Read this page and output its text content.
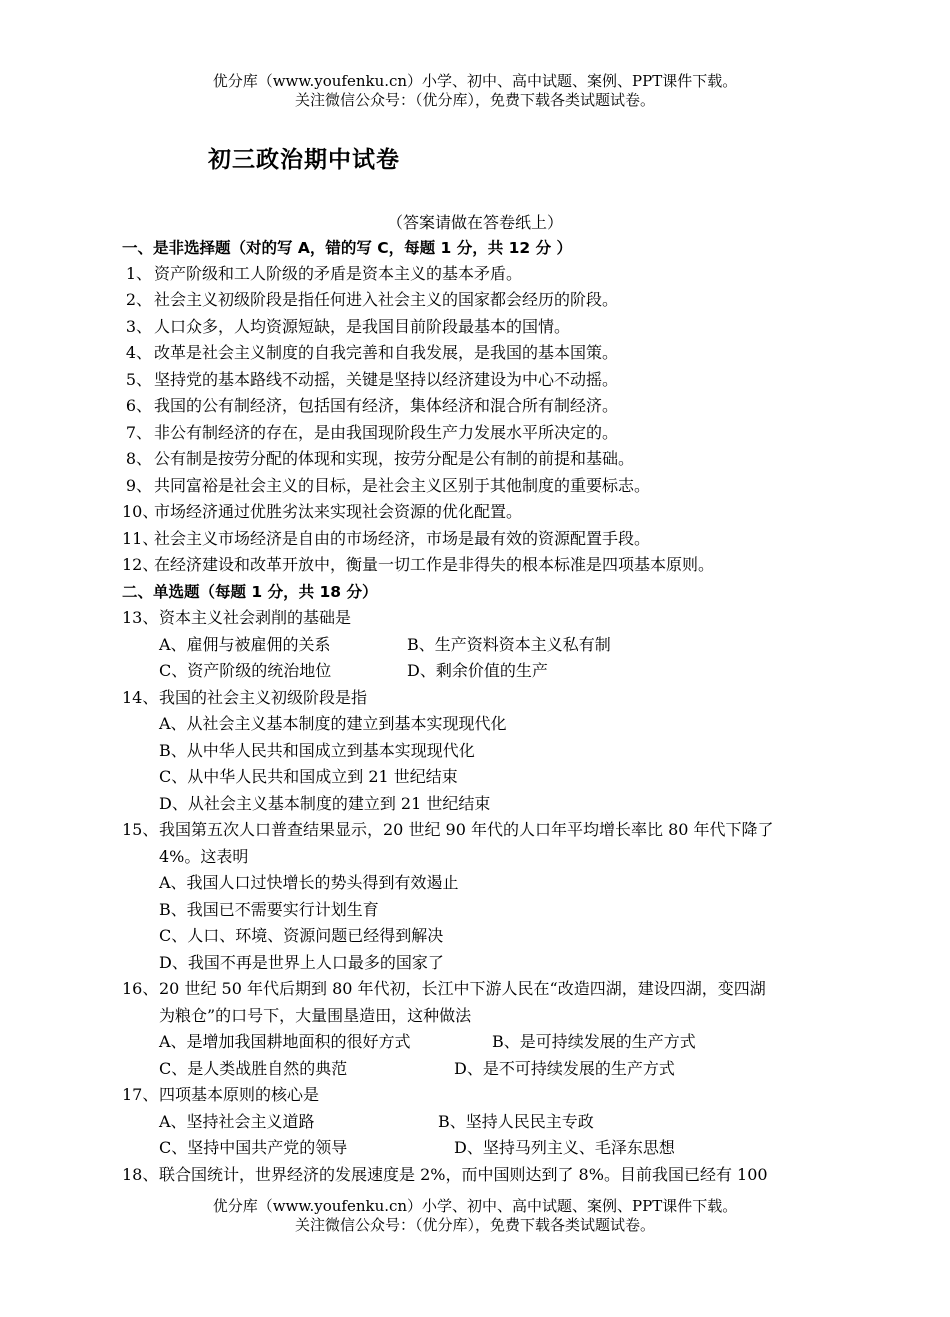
优分库（www.youfenku.cn）小学、初中、高中试题、案例、PPT课件下载。
关注微信公众号：（优分库），免费下载各类试题试卷。
初三政治期中试卷
（答案请做在答卷纸上）
一、是非选择题（对的写 A，错的写 C，每题 1 分，共 12 分 ）
1、 资产阶级和工人阶级的矛盾是资本主义的基本矛盾。
2、 社会主义初级阶段是指任何进入社会主义的国家都会经历的阶段。
3、 人口众多，人均资源短缺，是我国目前阶段最基本的国情。
4、 改革是社会主义制度的自我完善和自我发展，是我国的基本国策。
5、 坚持党的基本路线不动摇，关键是坚持以经济建设为中心不动摇。
6、 我国的公有制经济，包括国有经济，集体经济和混合所有制经济。
7、 非公有制经济的存在，是由我国现阶段生产力发展水平所决定的。
8、 公有制是按劳分配的体现和实现，按劳分配是公有制的前提和基础。
9、 共同富裕是社会主义的目标，是社会主义区别于其他制度的重要标志。
10、市场经济通过优胜劣汰来实现社会资源的优化配置。
11、社会主义市场经济是自由的市场经济，市场是最有效的资源配置手段。
12、在经济建设和改革开放中，衡量一切工作是非得失的根本标准是四项基本原则。
二、单选题（每题 1 分，共 18 分）
13、资本主义社会剥削的基础是
A、雇佣与被雇佣的关系	B、生产资料资本主义私有制
C、资产阶级的统治地位	D、剩余价值的生产
14、我国的社会主义初级阶段是指
A、从社会主义基本制度的建立到基本实现现代化
B、从中华人民共和国成立到基本实现现代化
C、从中华人民共和国成立到 21 世纪结束
D、从社会主义基本制度的建立到 21 世纪结束
15、我国第五次人口普查结果显示，20 世纪 90 年代的人口年平均增长率比 80 年代下降了
4%。这表明
A、我国人口过快增长的势头得到有效遏止
B、我国已不需要实行计划生育
C、人口、环境、资源问题已经得到解决
D、我国不再是世界上人口最多的国家了
16、20 世纪 50 年代后期到 80 年代初，长江中下游人民在“改造四湖，建设四湖，变四湖
为粮仓”的口号下，大量围垦造田，这种做法
A、是增加我国耕地面积的很好方式	B、是可持续发展的生产方式
C、是人类战胜自然的典范	D、是不可持续发展的生产方式
17、四项基本原则的核心是
A、坚持社会主义道路	B、坚持人民民主专政
C、坚持中国共产党的领导	D、坚持马列主义、毛泽东思想
18、联合国统计，世界经济的发展速度是 2%，而中国则达到了 8%。目前我国已经有 100
优分库（www.youfenku.cn）小学、初中、高中试题、案例、PPT课件下载。
关注微信公众号：（优分库），免费下载各类试题试卷。
